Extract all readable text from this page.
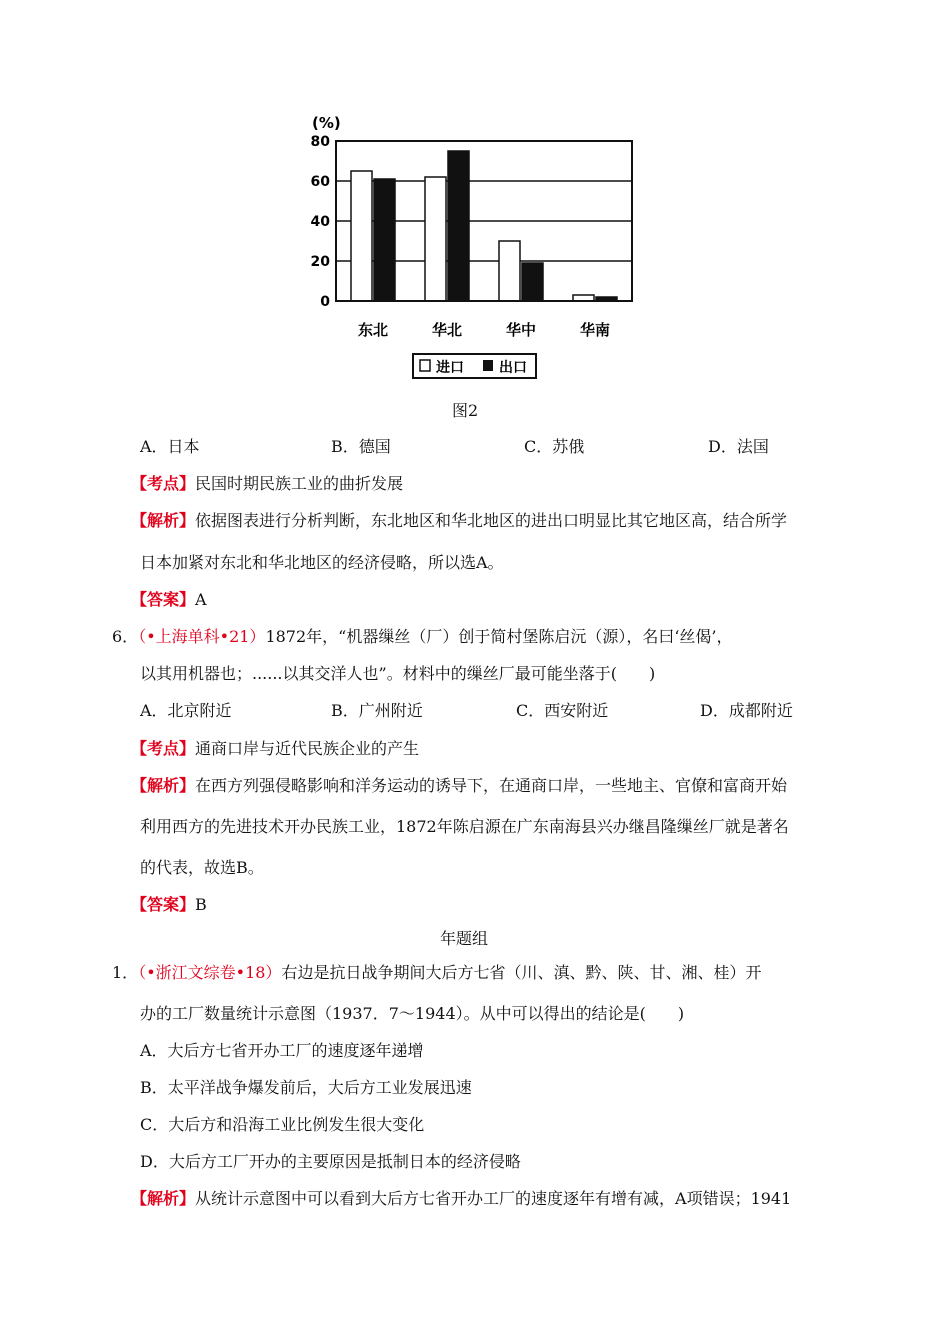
(%)
0
20
40
60
80
东北	华北	华中	华南
进口	出口
图2
A．日本	B．德国	C．苏俄	D．法国
【考点】民国时期民族工业的曲折发展
【解析】依据图表进行分析判断，东北地区和华北地区的进出口明显比其它地区高，结合所学
日本加紧对东北和华北地区的经济侵略，所以选A。
【答案】A
6．（•上海单科•21）1872年，“机器缫丝（厂）创于简村堡陈启沅（源），名曰‘丝偈’，
以其用机器也；......以其交洋人也”。材料中的缫丝厂最可能坐落于(　　)
A．北京附近	B．广州附近	C．西安附近	D．成都附近
【考点】通商口岸与近代民族企业的产生
【解析】在西方列强侵略影响和洋务运动的诱导下，在通商口岸，一些地主、官僚和富商开始
利用西方的先进技术开办民族工业，1872年陈启源在广东南海县兴办继昌隆缫丝厂就是著名
的代表，故选B。
【答案】B
年题组
1．（•浙江文综卷•18）右边是抗日战争期间大后方七省（川、滇、黔、陕、甘、湘、桂）开
办的工厂数量统计示意图（1937．7～1944）。从中可以得出的结论是(　　)
A．大后方七省开办工厂的速度逐年递增
B．太平洋战争爆发前后，大后方工业发展迅速
C．大后方和沿海工业比例发生很大变化
D．大后方工厂开办的主要原因是抵制日本的经济侵略
【解析】从统计示意图中可以看到大后方七省开办工厂的速度逐年有增有减，A项错误；1941
